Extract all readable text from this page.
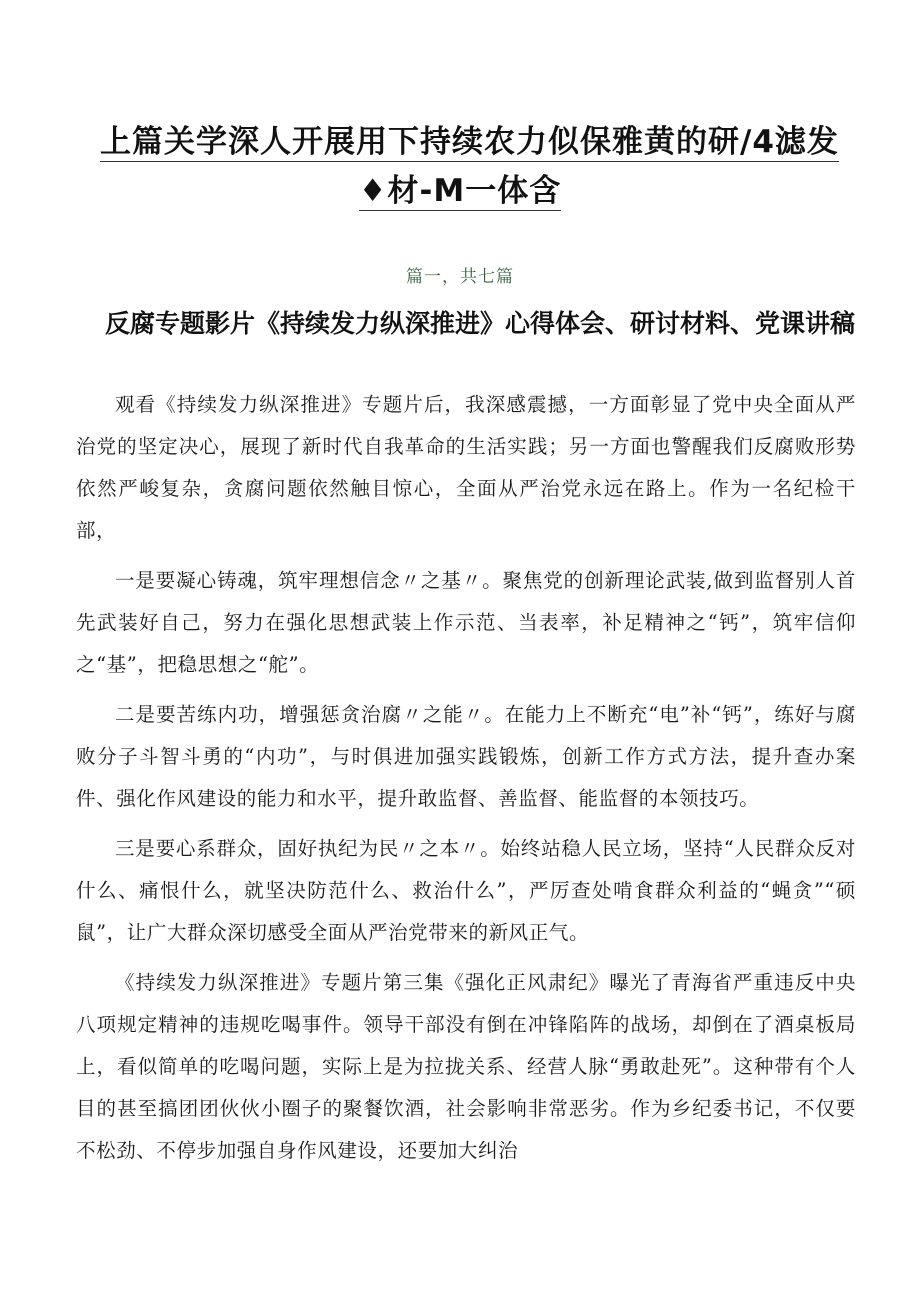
上篇关学深人开展用下持续农力似保雅黄的研/4滤发
♦材-M一体含
篇一，共七篇
反腐专题影片《持续发力纵深推进》心得体会、研讨材料、党课讲稿

观看《持续发力纵深推进》专题片后，我深感震撼，一方面彰显了党中央全面从严治党的坚定决心，展现了新时代自我革命的生活实践；另一方面也警醒我们反腐败形势依然严峻复杂，贪腐问题依然触目惊心，全面从严治党永远在路上。作为一名纪检干部，

一是要凝心铸魂，筑牢理想信念〃之基〃。聚焦党的创新理论武装,做到监督别人首先武装好自己，努力在强化思想武装上作示范、当表率，补足精神之“钙”，筑牢信仰之“基”，把稳思想之“舵”。

二是要苦练内功，增强惩贪治腐〃之能〃。在能力上不断充“电”补“钙”，练好与腐败分子斗智斗勇的“内功”，与时俱进加强实践锻炼，创新工作方式方法，提升查办案件、强化作风建设的能力和水平，提升敢监督、善监督、能监督的本领技巧。

三是要心系群众，固好执纪为民〃之本〃。始终站稳人民立场，坚持“人民群众反对什么、痛恨什么，就坚决防范什么、救治什么”，严厉查处啃食群众利益的“蝇贪”“硕鼠”，让广大群众深切感受全面从严治党带来的新风正气。

《持续发力纵深推进》专题片第三集《强化正风肃纪》曝光了青海省严重违反中央八项规定精神的违规吃喝事件。领导干部没有倒在冲锋陷阵的战场，却倒在了酒桌板局上，看似简单的吃喝问题，实际上是为拉拢关系、经营人脉“勇敢赴死”。这种带有个人目的甚至搞团团伙伙小圈子的聚餐饮酒，社会影响非常恶劣。作为乡纪委书记，不仅要不松劲、不停步加强自身作风建设，还要加大纠治
